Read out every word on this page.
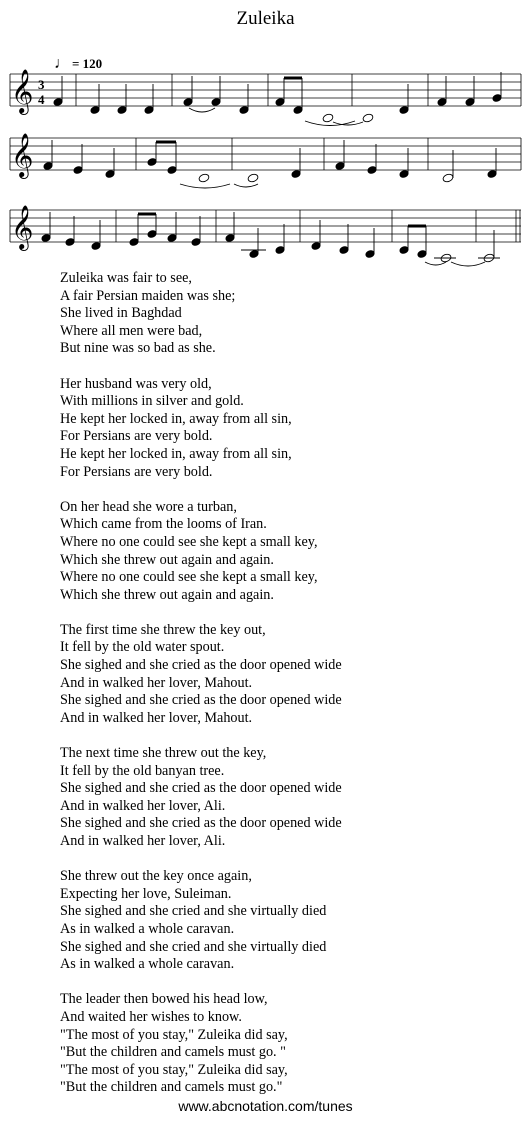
Zuleika
♩ = 120
𝄞 3
4
𝄞
𝄞
Zuleika was fair to see,
A fair Persian maiden was she;
She lived in Baghdad
Where all men were bad,
But nine was so bad as she.
Her husband was very old,
With millions in silver and gold.
He kept her locked in, away from all sin,
For Persians are very bold.
He kept her locked in, away from all sin,
For Persians are very bold.
On her head she wore a turban,
Which came from the looms of Iran.
Where no one could see she kept a small key,
Which she threw out again and again.
Where no one could see she kept a small key,
Which she threw out again and again.
The first time she threw the key out,
It fell by the old water spout.
She sighed and she cried as the door opened wide
And in walked her lover, Mahout.
She sighed and she cried as the door opened wide
And in walked her lover, Mahout.
The next time she threw out the key,
It fell by the old banyan tree.
She sighed and she cried as the door opened wide
And in walked her lover, Ali.
She sighed and she cried as the door opened wide
And in walked her lover, Ali.
She threw out the key once again,
Expecting her love, Suleiman.
She sighed and she cried and she virtually died
As in walked a whole caravan.
She sighed and she cried and she virtually died
As in walked a whole caravan.
The leader then bowed his head low,
And waited her wishes to know.
"The most of you stay," Zuleika did say,
"But the children and camels must go. "
"The most of you stay," Zuleika did say,
"But the children and camels must go."
www.abcnotation.com/tunes
